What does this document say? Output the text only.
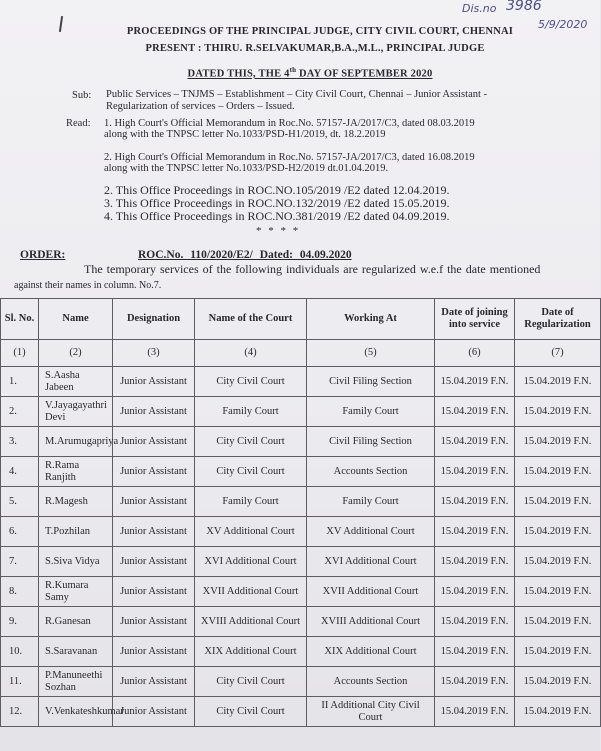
Dis.no 3986
5/9/2020
PROCEEDINGS OF THE PRINCIPAL JUDGE, CITY CIVIL COURT, CHENNAI
PRESENT : THIRU. R.SELVAKUMAR,B.A.,M.L., PRINCIPAL JUDGE
DATED THIS, THE 4th DAY OF SEPTEMBER 2020
Sub: Public Services – TNJMS – Establishment – City Civil Court, Chennai – Junior Assistant - Regularization of services – Orders – Issued.
Read: 1. High Court's Official Memorandum in Roc.No. 57157-JA/2017/C3, dated 08.03.2019 along with the TNPSC letter No.1033/PSD-H1/2019, dt. 18.2.2019
2. High Court's Official Memorandum in Roc.No. 57157-JA/2017/C3, dated 16.08.2019 along with the TNPSC letter No.1033/PSD-H2/2019 dt.01.04.2019.
2. This Office Proceedings in ROC.NO.105/2019 /E2 dated 12.04.2019.
3. This Office Proceedings in ROC.NO.132/2019 /E2 dated 15.05.2019.
4. This Office Proceedings in ROC.NO.381/2019 /E2 dated 04.09.2019.
* * * *
ORDER:	ROC.No. 110/2020/E2/ Dated: 04.09.2020
The temporary services of the following individuals are regularized w.e.f the date mentioned
against their names in column. No.7.
Sl. No.	Name	Designation	Name of the Court	Working At	Date of joining into service	Date of Regularization
(1)	(2)	(3)	(4)	(5)	(6)	(7)
1.	S.Aasha Jabeen	Junior Assistant	City Civil Court	Civil Filing Section	15.04.2019 F.N.	15.04.2019 F.N.
2.	V.Jayagayathri Devi	Junior Assistant	Family Court	Family Court	15.04.2019 F.N.	15.04.2019 F.N.
3.	M.Arumugapriya	Junior Assistant	City Civil Court	Civil Filing Section	15.04.2019 F.N.	15.04.2019 F.N.
4.	R.Rama Ranjith	Junior Assistant	City Civil Court	Accounts Section	15.04.2019 F.N.	15.04.2019 F.N.
5.	R.Magesh	Junior Assistant	Family Court	Family Court	15.04.2019 F.N.	15.04.2019 F.N.
6.	T.Pozhilan	Junior Assistant	XV Additional Court	XV Additional Court	15.04.2019 F.N.	15.04.2019 F.N.
7.	S.Siva Vidya	Junior Assistant	XVI Additional Court	XVI Additional Court	15.04.2019 F.N.	15.04.2019 F.N.
8.	R.Kumara Samy	Junior Assistant	XVII Additional Court	XVII Additional Court	15.04.2019 F.N.	15.04.2019 F.N.
9.	R.Ganesan	Junior Assistant	XVIII Additional Court	XVIII Additional Court	15.04.2019 F.N.	15.04.2019 F.N.
10.	S.Saravanan	Junior Assistant	XIX Additional Court	XIX Additional Court	15.04.2019 F.N.	15.04.2019 F.N.
11.	P.Manuneethi Sozhan	Junior Assistant	City Civil Court	Accounts Section	15.04.2019 F.N.	15.04.2019 F.N.
12.	V.Venkateshkumar	Junior Assistant	City Civil Court	II Additional City Civil Court	15.04.2019 F.N.	15.04.2019 F.N.
